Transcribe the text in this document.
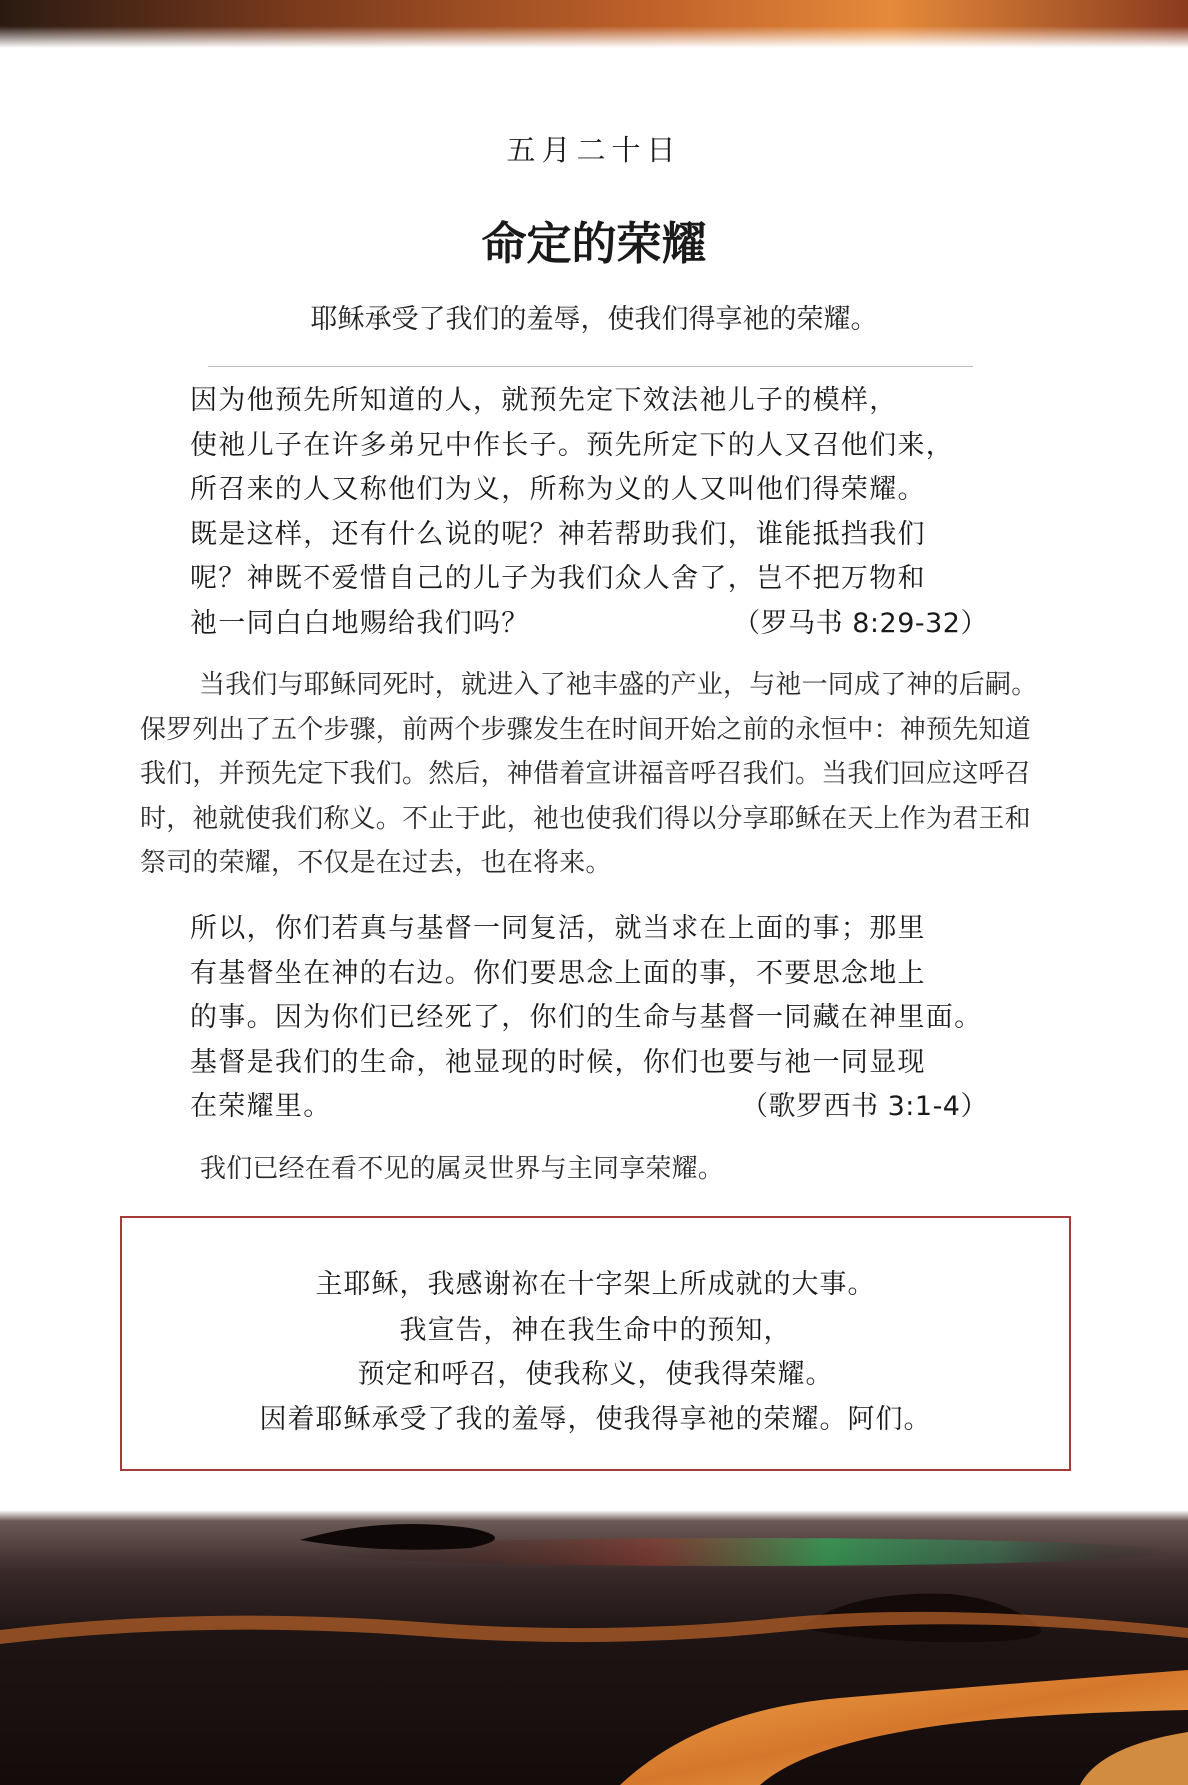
五月二十日
命定的荣耀

耶稣承受了我们的羞辱，使我们得享祂的荣耀。

因为他预先所知道的人，就预先定下效法祂儿子的模样，
使祂儿子在许多弟兄中作长子。预先所定下的人又召他们来，
所召来的人又称他们为义，所称为义的人又叫他们得荣耀。
既是这样，还有什么说的呢？神若帮助我们，谁能抵挡我们
呢？神既不爱惜自己的儿子为我们众人舍了，岂不把万物和
祂一同白白地赐给我们吗？	（罗马书 8:29-32）

当我们与耶稣同死时，就进入了祂丰盛的产业，与祂一同成了神的后嗣。保罗列出了五个步骤，前两个步骤发生在时间开始之前的永恒中：神预先知道我们，并预先定下我们。然后，神借着宣讲福音呼召我们。当我们回应这呼召时，祂就使我们称义。不止于此，祂也使我们得以分享耶稣在天上作为君王和祭司的荣耀，不仅是在过去，也在将来。

所以，你们若真与基督一同复活，就当求在上面的事；那里
有基督坐在神的右边。你们要思念上面的事，不要思念地上
的事。因为你们已经死了，你们的生命与基督一同藏在神里面。
基督是我们的生命，祂显现的时候，你们也要与祂一同显现
在荣耀里。	（歌罗西书 3:1-4）

我们已经在看不见的属灵世界与主同享荣耀。

主耶稣，我感谢祢在十字架上所成就的大事。
我宣告，神在我生命中的预知，
预定和呼召，使我称义，使我得荣耀。
因着耶稣承受了我的羞辱，使我得享祂的荣耀。阿们。
